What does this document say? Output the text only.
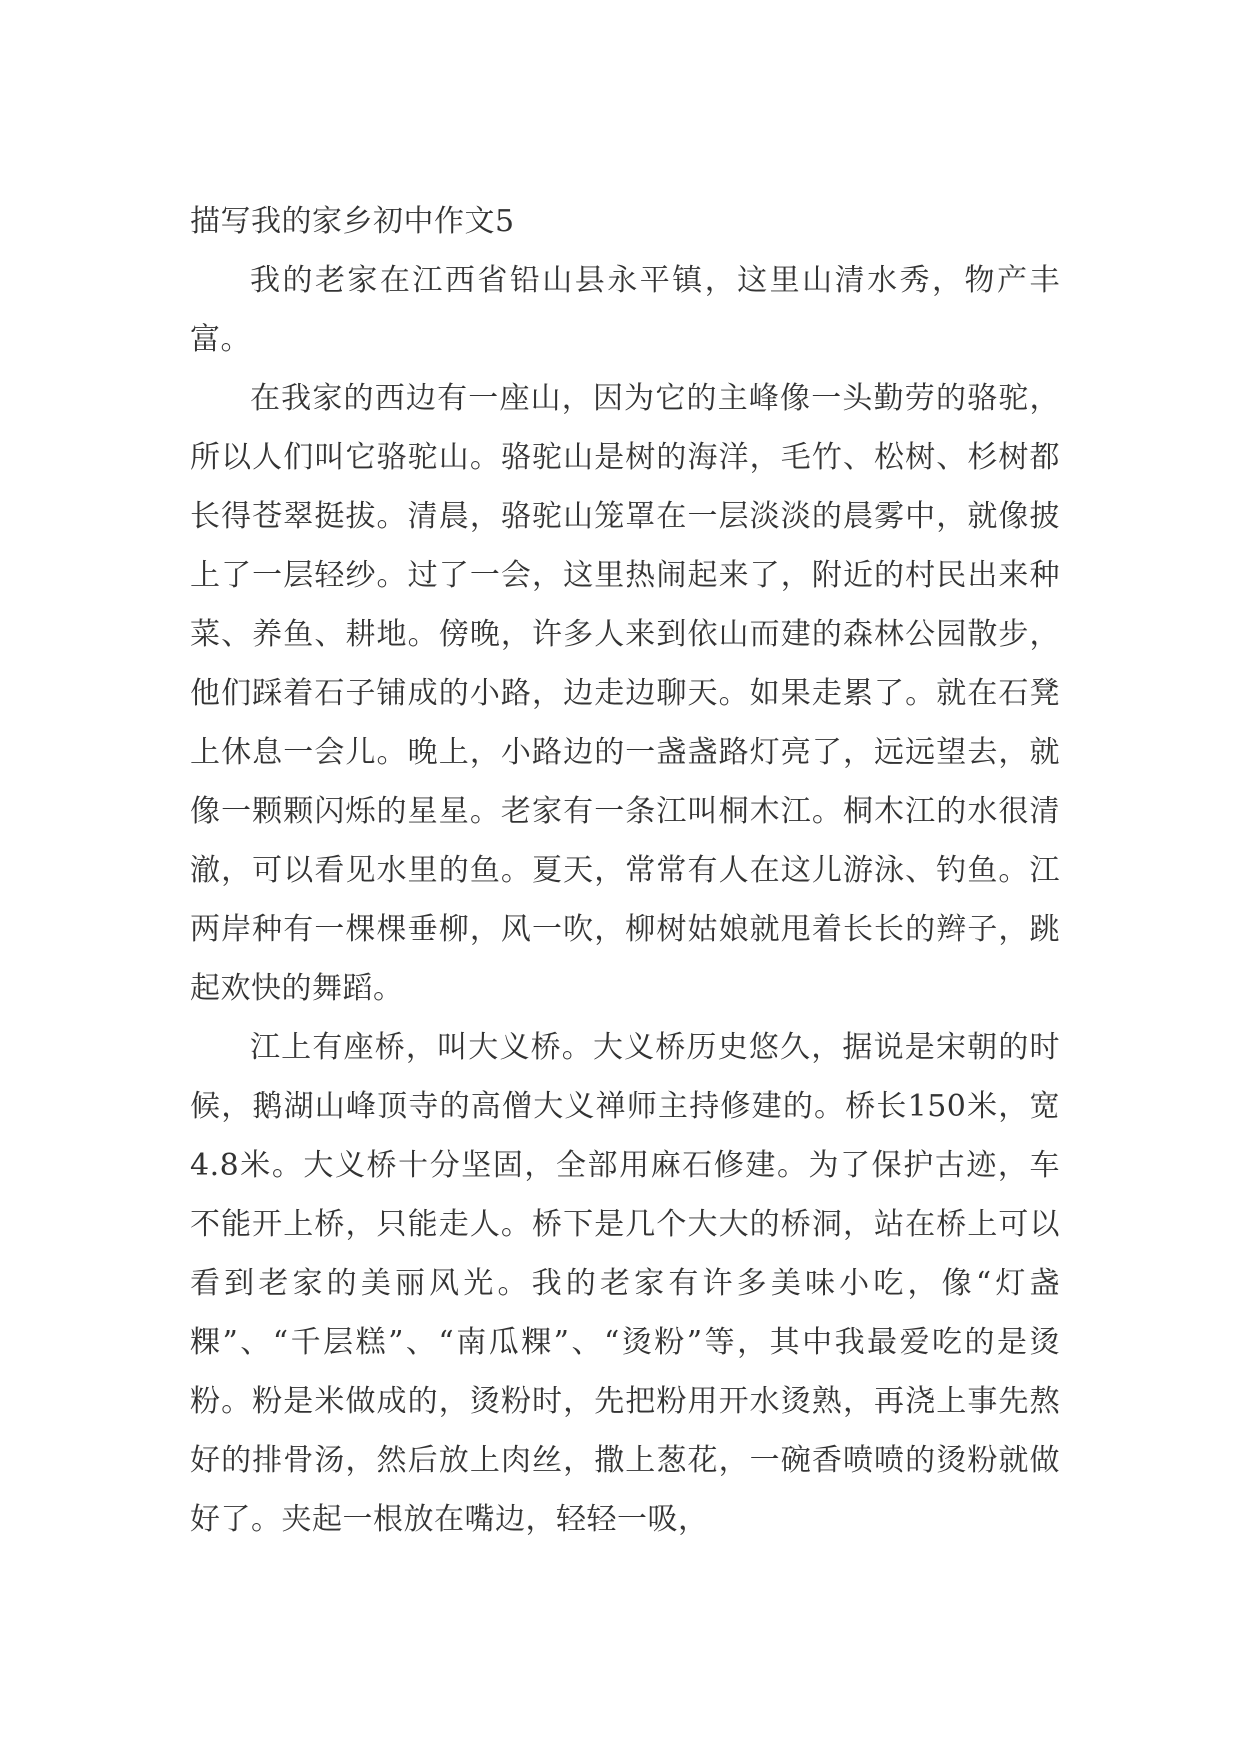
描写我的家乡初中作文5

我的老家在江西省铅山县永平镇，这里山清水秀，物产丰富。

在我家的西边有一座山，因为它的主峰像一头勤劳的骆驼，所以人们叫它骆驼山。骆驼山是树的海洋，毛竹、松树、杉树都长得苍翠挺拔。清晨，骆驼山笼罩在一层淡淡的晨雾中，就像披上了一层轻纱。过了一会，这里热闹起来了，附近的村民出来种菜、养鱼、耕地。傍晚，许多人来到依山而建的森林公园散步，他们踩着石子铺成的小路，边走边聊天。如果走累了。就在石凳上休息一会儿。晚上，小路边的一盏盏路灯亮了，远远望去，就像一颗颗闪烁的星星。老家有一条江叫桐木江。桐木江的水很清澈，可以看见水里的鱼。夏天，常常有人在这儿游泳、钓鱼。江两岸种有一棵棵垂柳，风一吹，柳树姑娘就甩着长长的辫子，跳起欢快的舞蹈。

江上有座桥，叫大义桥。大义桥历史悠久，据说是宋朝的时候，鹅湖山峰顶寺的高僧大义禅师主持修建的。桥长150米，宽4.8米。大义桥十分坚固，全部用麻石修建。为了保护古迹，车不能开上桥，只能走人。桥下是几个大大的桥洞，站在桥上可以看到老家的美丽风光。我的老家有许多美味小吃，像“灯盏粿”、“千层糕”、“南瓜粿”、“烫粉”等，其中我最爱吃的是烫粉。粉是米做成的，烫粉时，先把粉用开水烫熟，再浇上事先熬好的排骨汤，然后放上肉丝，撒上葱花，一碗香喷喷的烫粉就做好了。夹起一根放在嘴边，轻轻一吸，
